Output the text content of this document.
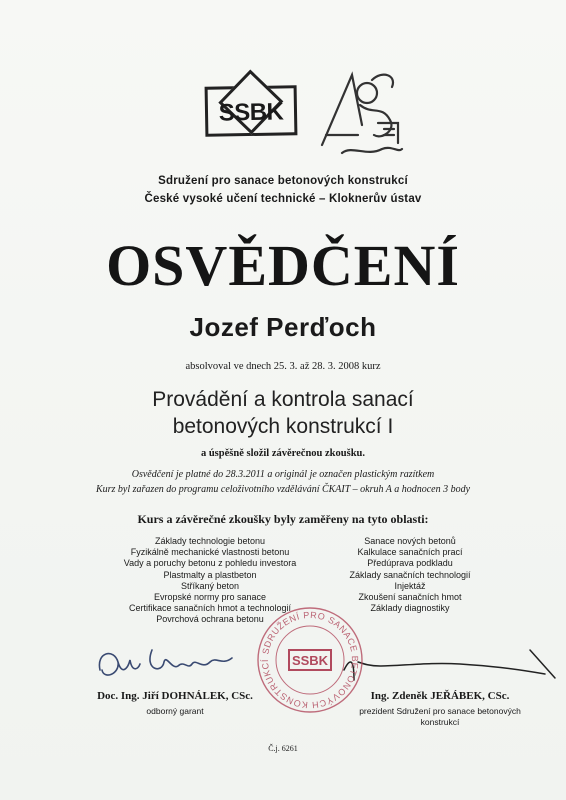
SSBK
Sdružení pro sanace betonových konstrukcí
České vysoké učení technické – Kloknerův ústav
OSVĚDČENÍ
Jozef Perďoch
absolvoval ve dnech 25. 3. až 28. 3. 2008 kurz
Provádění a kontrola sanací
betonových konstrukcí I
a úspěšně složil závěrečnou zkoušku.
Osvědčení je platné do 28.3.2011 a originál je označen plastickým razítkem
Kurz byl zařazen do programu celoživotního vzdělávání ČKAIT – okruh A a hodnocen 3 body
Kurs a závěrečné zkoušky byly zaměřeny na tyto oblasti:
Základy technologie betonu
Fyzikálně mechanické vlastnosti betonu
Vady a poruchy betonu z pohledu investora
Plastmalty a plastbeton
Stříkaný beton
Evropské normy pro sanace
Certifikace sanačních hmot a technologií
Povrchová ochrana betonu
Sanace nových betonů
Kalkulace sanačních prací
Předúprava podkladu
Základy sanačních technologií
Injektáž
Zkoušení sanačních hmot
Základy diagnostiky
SDRUŽENÍ PRO SANACE BETONOVÝCH KONSTRUKCÍ	SSBK
Doc. Ing. Jiří DOHNÁLEK, CSc.
odborný garant
Ing. Zdeněk JEŘÁBEK, CSc.
prezident Sdružení pro sanace betonových
konstrukcí
Č.j. 6261
